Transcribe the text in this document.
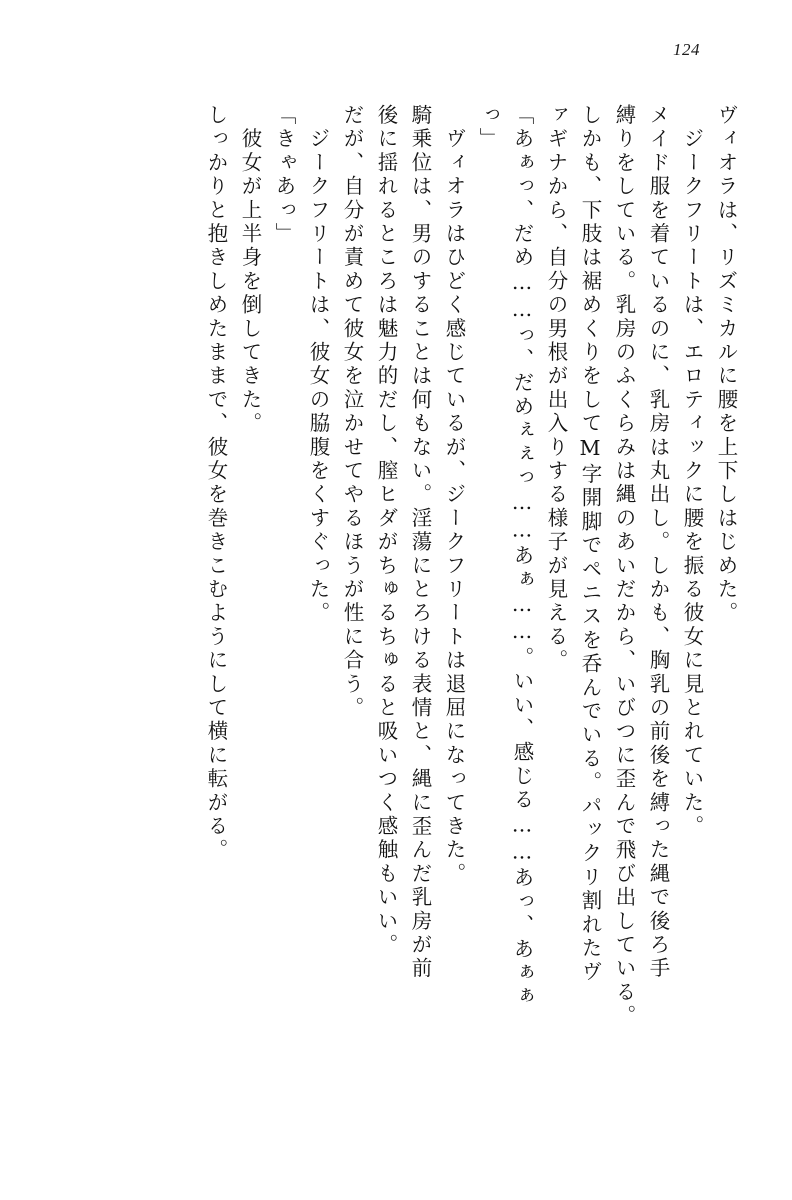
124
ヴィオラは、リズミカルに腰を上下しはじめた。
　ジークフリートは、エロティックに腰を振る彼女に見とれていた。
メイド服を着ているのに、乳房は丸出し。しかも、胸乳の前後を縛った縄で後ろ手
縛りをしている。乳房のふくらみは縄のあいだから、いびつに歪んで飛び出している。
しかも、下肢は裾めくりをしてM字開脚でペニスを呑んでいる。パックリ割れたヴ
ァギナから、自分の男根が出入りする様子が見える。
「あぁっ、だめ……っ、だめぇぇっ……あぁ……。いい、感じる……あっ、あぁぁ
っ」
　ヴィオラはひどく感じているが、ジークフリートは退屈になってきた。
騎乗位は、男のすることは何もない。淫蕩にとろける表情と、縄に歪んだ乳房が前
後に揺れるところは魅力的だし、膣ヒダがちゅるちゅると吸いつく感触もいい。
だが、自分が責めて彼女を泣かせてやるほうが性に合う。
　ジークフリートは、彼女の脇腹をくすぐった。
「きゃあっ」
　彼女が上半身を倒してきた。
しっかりと抱きしめたままで、彼女を巻きこむようにして横に転がる。
